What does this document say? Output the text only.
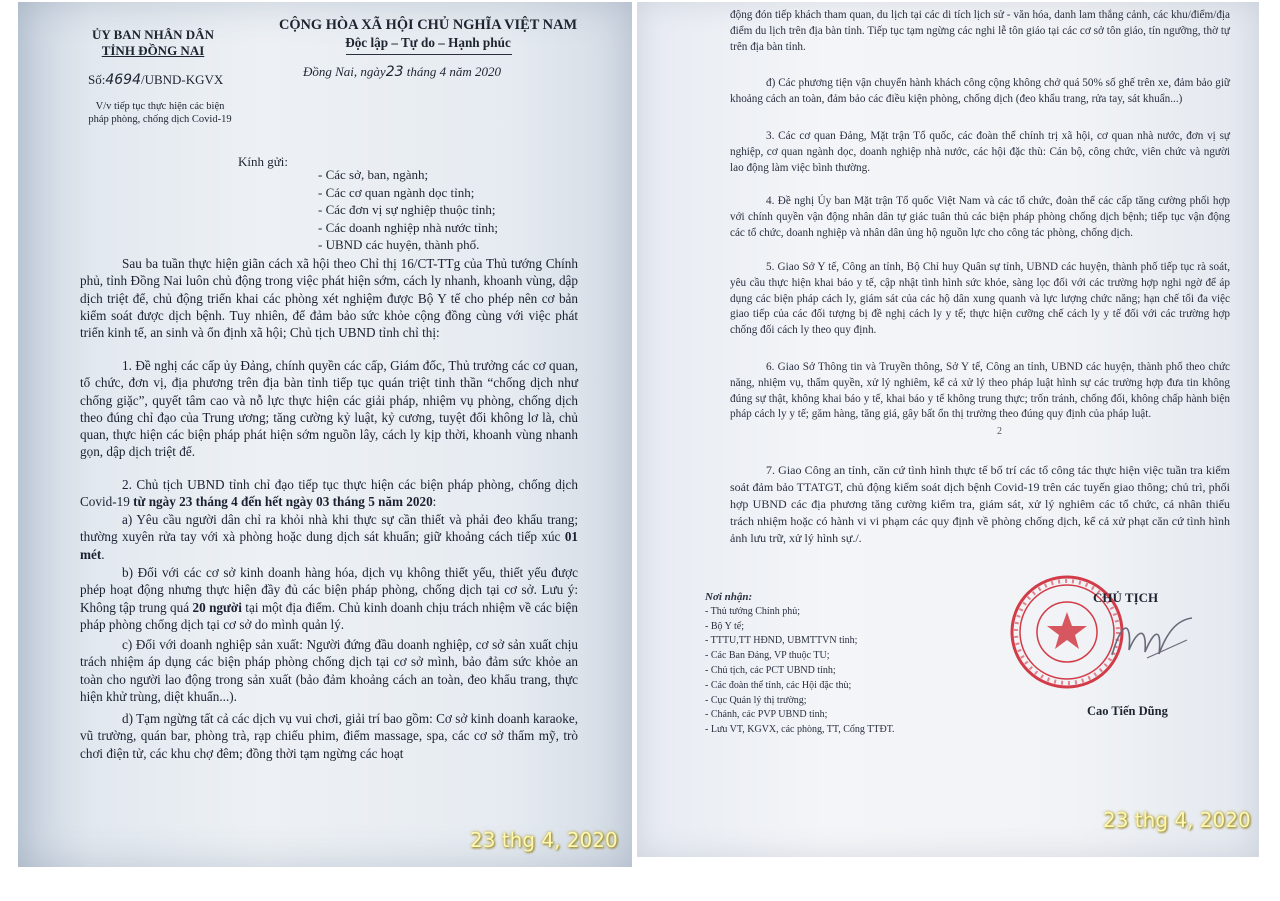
ỦY BAN NHÂN DÂN
TỈNH ĐỒNG NAI
Số:4694/UBND-KGVX
V/v tiếp tục thực hiện các biện
pháp phòng, chống dịch Covid-19
CỘNG HÒA XÃ HỘI CHỦ NGHĨA VIỆT NAM
Độc lập – Tự do – Hạnh phúc
Đồng Nai, ngày23 tháng 4 năm 2020
Kính gửi:
- Các sở, ban, ngành;
- Các cơ quan ngành dọc tỉnh;
- Các đơn vị sự nghiệp thuộc tỉnh;
- Các doanh nghiệp nhà nước tỉnh;
- UBND các huyện, thành phố.

Sau ba tuần thực hiện giãn cách xã hội theo Chỉ thị 16/CT-TTg của Thủ tướng Chính phủ, tỉnh Đồng Nai luôn chủ động trong việc phát hiện sớm, cách ly nhanh, khoanh vùng, dập dịch triệt để, chủ động triển khai các phòng xét nghiệm được Bộ Y tế cho phép nên cơ bản kiểm soát được dịch bệnh. Tuy nhiên, để đảm bảo sức khỏe cộng đồng cùng với việc phát triển kinh tế, an sinh và ổn định xã hội; Chủ tịch UBND tỉnh chỉ thị:

1. Đề nghị các cấp ủy Đảng, chính quyền các cấp, Giám đốc, Thủ trưởng các cơ quan, tổ chức, đơn vị, địa phương trên địa bàn tỉnh tiếp tục quán triệt tinh thần “chống dịch như chống giặc”, quyết tâm cao và nỗ lực thực hiện các giải pháp, nhiệm vụ phòng, chống dịch theo đúng chỉ đạo của Trung ương; tăng cường kỷ luật, kỷ cương, tuyệt đối không lơ là, chủ quan, thực hiện các biện pháp phát hiện sớm nguồn lây, cách ly kịp thời, khoanh vùng nhanh gọn, dập dịch triệt để.

2. Chủ tịch UBND tỉnh chỉ đạo tiếp tục thực hiện các biện pháp phòng, chống dịch Covid-19 từ ngày 23 tháng 4 đến hết ngày 03 tháng 5 năm 2020:

a) Yêu cầu người dân chỉ ra khỏi nhà khi thực sự cần thiết và phải đeo khẩu trang; thường xuyên rửa tay với xà phòng hoặc dung dịch sát khuẩn; giữ khoảng cách tiếp xúc 01 mét.

b) Đối với các cơ sở kinh doanh hàng hóa, dịch vụ không thiết yếu, thiết yếu được phép hoạt động nhưng thực hiện đầy đủ các biện pháp phòng, chống dịch tại cơ sở. Lưu ý: Không tập trung quá 20 người tại một địa điểm. Chủ kinh doanh chịu trách nhiệm về các biện pháp phòng chống dịch tại cơ sở do mình quản lý.

c) Đối với doanh nghiệp sản xuất: Người đứng đầu doanh nghiệp, cơ sở sản xuất chịu trách nhiệm áp dụng các biện pháp phòng chống dịch tại cơ sở mình, bảo đảm sức khỏe an toàn cho người lao động trong sản xuất (bảo đảm khoảng cách an toàn, đeo khẩu trang, thực hiện khử trùng, diệt khuẩn...).

d) Tạm ngừng tất cả các dịch vụ vui chơi, giải trí bao gồm: Cơ sở kinh doanh karaoke, vũ trường, quán bar, phòng trà, rạp chiếu phim, điểm massage, spa, các cơ sở thẩm mỹ, trò chơi điện tử, các khu chợ đêm; đồng thời tạm ngừng các hoạt

23 thg 4, 2020

động đón tiếp khách tham quan, du lịch tại các di tích lịch sử - văn hóa, danh lam thắng cảnh, các khu/điểm/địa điểm du lịch trên địa bàn tỉnh. Tiếp tục tạm ngừng các nghi lễ tôn giáo tại các cơ sở tôn giáo, tín ngưỡng, thờ tự trên địa bàn tỉnh.

đ) Các phương tiện vận chuyển hành khách công cộng không chở quá 50% số ghế trên xe, đảm bảo giữ khoảng cách an toàn, đảm bảo các điều kiện phòng, chống dịch (đeo khẩu trang, rửa tay, sát khuẩn...)

3. Các cơ quan Đảng, Mặt trận Tổ quốc, các đoàn thể chính trị xã hội, cơ quan nhà nước, đơn vị sự nghiệp, cơ quan ngành dọc, doanh nghiệp nhà nước, các hội đặc thù: Cán bộ, công chức, viên chức và người lao động làm việc bình thường.

4. Đề nghị Ủy ban Mặt trận Tổ quốc Việt Nam và các tổ chức, đoàn thể các cấp tăng cường phối hợp với chính quyền vận động nhân dân tự giác tuân thủ các biện pháp phòng chống dịch bệnh; tiếp tục vận động các tổ chức, doanh nghiệp và nhân dân ủng hộ nguồn lực cho công tác phòng, chống dịch.

5. Giao Sở Y tế, Công an tỉnh, Bộ Chỉ huy Quân sự tỉnh, UBND các huyện, thành phố tiếp tục rà soát, yêu cầu thực hiện khai báo y tế, cập nhật tình hình sức khỏe, sàng lọc đối với các trường hợp nghi ngờ để áp dụng các biện pháp cách ly, giám sát của các hộ dân xung quanh và lực lượng chức năng; hạn chế tối đa việc giao tiếp của các đối tượng bị đề nghị cách ly y tế; thực hiện cưỡng chế cách ly y tế đối với các trường hợp chống đối cách ly theo quy định.

6. Giao Sở Thông tin và Truyền thông, Sở Y tế, Công an tỉnh, UBND các huyện, thành phố theo chức năng, nhiệm vụ, thẩm quyền, xử lý nghiêm, kể cả xử lý theo pháp luật hình sự các trường hợp đưa tin không đúng sự thật, không khai báo y tế, khai báo y tế không trung thực; trốn tránh, chống đối, không chấp hành biện pháp cách ly y tế; găm hàng, tăng giá, gây bất ổn thị trường theo đúng quy định của pháp luật.

2

7. Giao Công an tỉnh, căn cứ tình hình thực tế bố trí các tổ công tác thực hiện việc tuần tra kiểm soát đảm bảo TTATGT, chủ động kiểm soát dịch bệnh Covid-19 trên các tuyến giao thông; chủ trì, phối hợp UBND các địa phương tăng cường kiểm tra, giám sát, xử lý nghiêm các tổ chức, cá nhân thiếu trách nhiệm hoặc có hành vi vi phạm các quy định về phòng chống dịch, kể cả xử phạt căn cứ tình hình ảnh lưu trữ, xử lý hình sự./.

Nơi nhận:
- Thủ tướng Chính phủ;
- Bộ Y tế;
- TTTU,TT HĐND, UBMTTVN tỉnh;
- Các Ban Đảng, VP thuộc TU;
- Chủ tịch, các PCT UBND tỉnh;
- Các đoàn thể tỉnh, các Hội đặc thù;
- Cục Quản lý thị trường;
- Chánh, các PVP UBND tỉnh;
- Lưu VT, KGVX, các phòng, TT, Cổng TTĐT.
CHỦ TỊCH
Cao Tiến Dũng
23 thg 4, 2020
